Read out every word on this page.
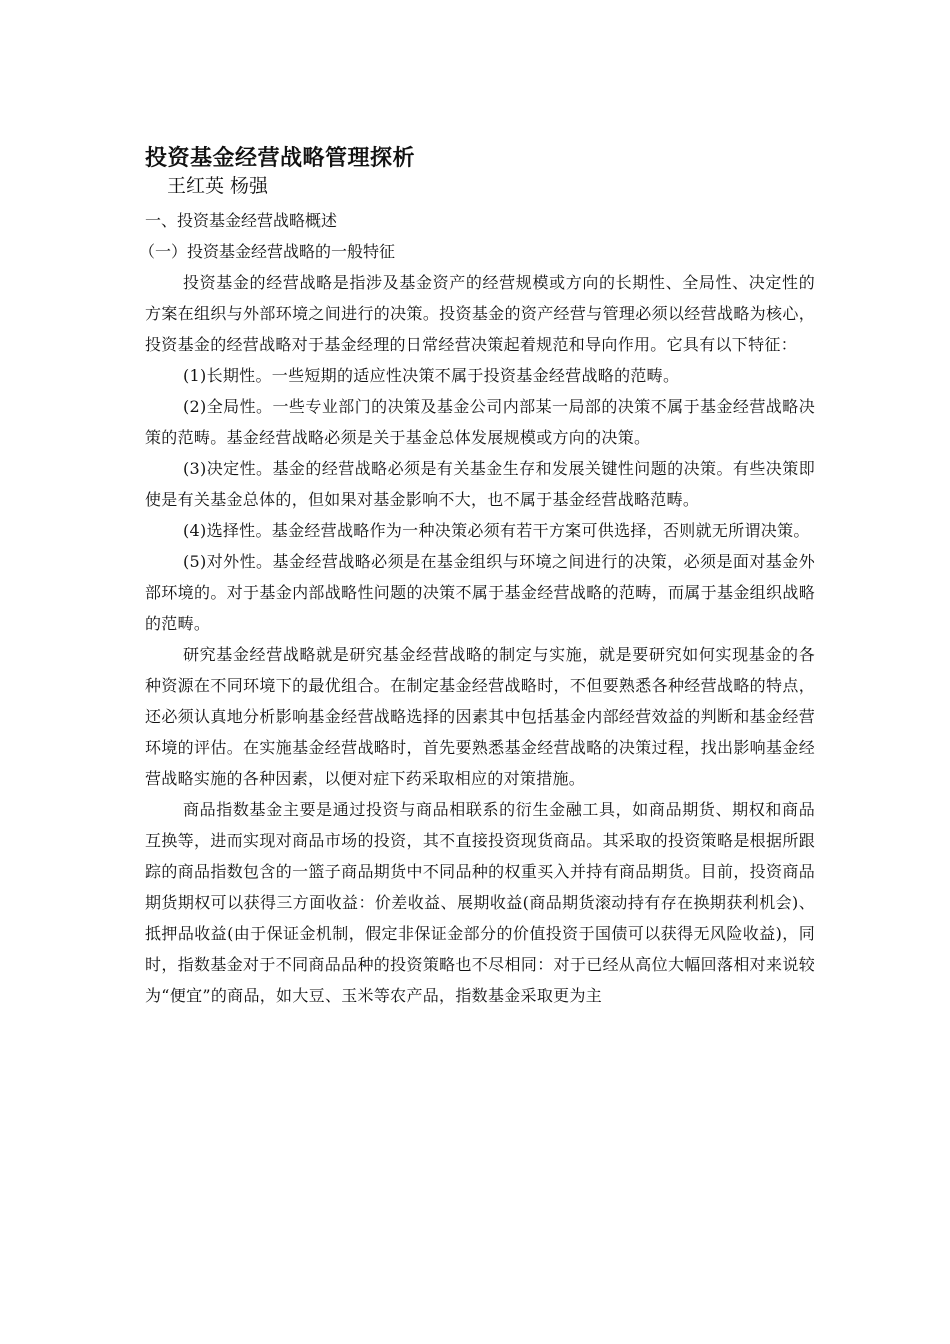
投资基金经营战略管理探析
王红英 杨强
一、投资基金经营战略概述
（一）投资基金经营战略的一般特征

投资基金的经营战略是指涉及基金资产的经营规模或方向的长期性、全局性、决定性的方案在组织与外部环境之间进行的决策。投资基金的资产经营与管理必须以经营战略为核心，投资基金的经营战略对于基金经理的日常经营决策起着规范和导向作用。它具有以下特征：

(1)长期性。一些短期的适应性决策不属于投资基金经营战略的范畴。

(2)全局性。一些专业部门的决策及基金公司内部某一局部的决策不属于基金经营战略决策的范畴。基金经营战略必须是关于基金总体发展规模或方向的决策。

(3)决定性。基金的经营战略必须是有关基金生存和发展关键性问题的决策。有些决策即使是有关基金总体的，但如果对基金影响不大，也不属于基金经营战略范畴。

(4)选择性。基金经营战略作为一种决策必须有若干方案可供选择，否则就无所谓决策。

(5)对外性。基金经营战略必须是在基金组织与环境之间进行的决策，必须是面对基金外部环境的。对于基金内部战略性问题的决策不属于基金经营战略的范畴，而属于基金组织战略的范畴。

研究基金经营战略就是研究基金经营战略的制定与实施，就是要研究如何实现基金的各种资源在不同环境下的最优组合。在制定基金经营战略时，不但要熟悉各种经营战略的特点，还必须认真地分析影响基金经营战略选择的因素其中包括基金内部经营效益的判断和基金经营环境的评估。在实施基金经营战略时，首先要熟悉基金经营战略的决策过程，找出影响基金经营战略实施的各种因素，以便对症下药采取相应的对策措施。

商品指数基金主要是通过投资与商品相联系的衍生金融工具，如商品期货、期权和商品互换等，进而实现对商品市场的投资，其不直接投资现货商品。其采取的投资策略是根据所跟踪的商品指数包含的一篮子商品期货中不同品种的权重买入并持有商品期货。目前，投资商品期货期权可以获得三方面收益：价差收益、展期收益(商品期货滚动持有存在换期获利机会)、抵押品收益(由于保证金机制，假定非保证金部分的价值投资于国债可以获得无风险收益)，同时，指数基金对于不同商品品种的投资策略也不尽相同：对于已经从高位大幅回落相对来说较为“便宜”的商品，如大豆、玉米等农产品，指数基金采取更为主
